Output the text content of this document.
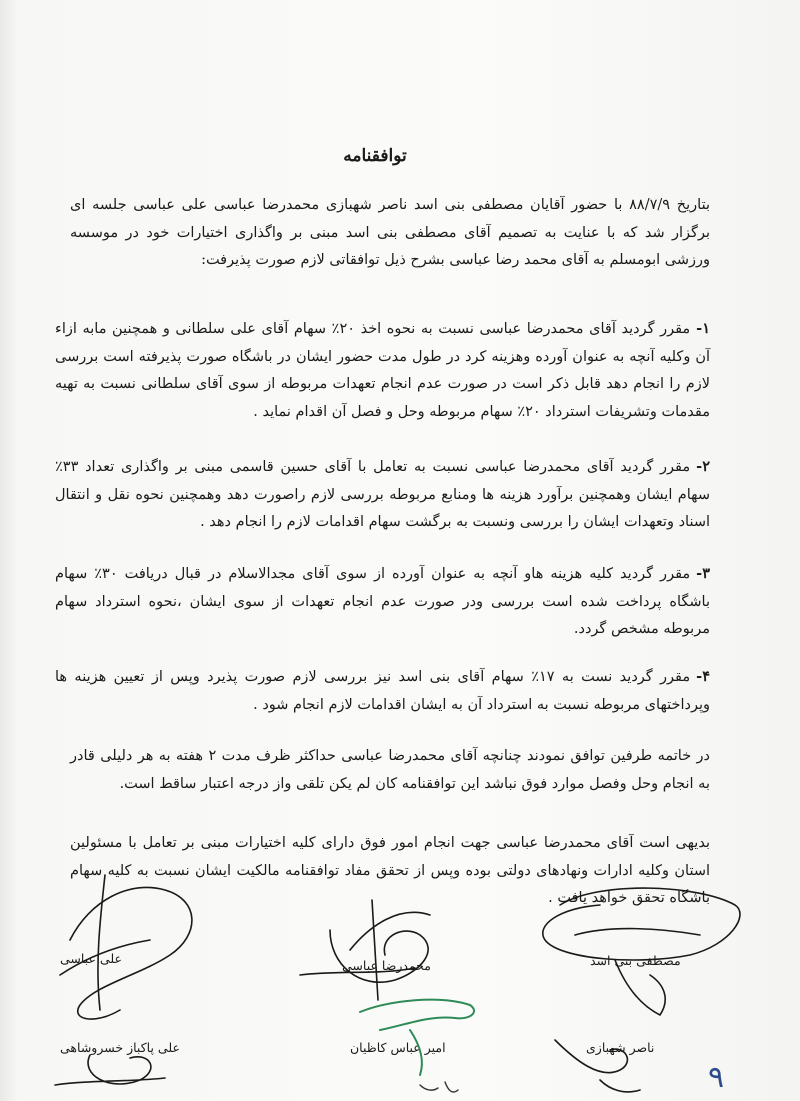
توافقنامه
بتاریخ ۸۸/۷/۹ با حضور آقایان مصطفی بنی اسد ناصر شهبازی محمدرضا عباسی علی عباسی جلسه ای برگزار شد که با عنایت به تصمیم آقای مصطفی بنی اسد مبنی بر واگذاری اختیارات خود در موسسه ورزشی ابومسلم به آقای محمد رضا عباسی بشرح ذیل توافقاتی لازم صورت پذیرفت:
۱-مقرر گردید آقای محمدرضا عباسی نسبت به نحوه اخذ ۲۰٪ سهام آقای علی سلطانی و همچنین مابه ازاء آن وکلیه آنچه به عنوان آورده وهزینه کرد در طول مدت حضور ایشان در باشگاه صورت پذیرفته است بررسی لازم را انجام دهد قابل ذکر است در صورت عدم انجام تعهدات مربوطه از سوی آقای سلطانی نسبت به تهیه مقدمات وتشریفات استرداد ۲۰٪ سهام مربوطه وحل و فصل آن اقدام نماید .
۲-مقرر گردید آقای محمدرضا عباسی نسبت به تعامل با آقای حسین قاسمی مبنی بر واگذاری تعداد ۳۳٪ سهام ایشان وهمچنین برآورد هزینه ها ومنابع مربوطه بررسی لازم راصورت دهد وهمچنین نحوه نقل و انتقال اسناد وتعهدات ایشان را بررسی ونسبت به برگشت سهام اقدامات لازم را انجام دهد .
۳-مقرر گردید کلیه هزینه هاو آنچه به عنوان آورده از سوی آقای مجدالاسلام در قبال دریافت ۳۰٪ سهام باشگاه پرداخت شده است بررسی ودر صورت عدم انجام تعهدات از سوی ایشان ،نحوه استرداد سهام مربوطه مشخص گردد.
۴-مقرر گردید نست به ۱۷٪ سهام آقای بنی اسد نیز بررسی لازم صورت پذیرد وپس از تعیین هزینه ها وپرداختهای مربوطه نسبت به استرداد آن به ایشان اقدامات لازم انجام شود .
در خاتمه طرفین توافق نمودند چنانچه آقای محمدرضا عباسی حداکثر ظرف مدت ۲ هفته به هر دلیلی قادر به انجام وحل وفصل موارد فوق نباشد این توافقنامه کان لم یکن تلقی واز درجه اعتبار ساقط است.
بدیهی است آقای محمدرضا عباسی جهت انجام امور فوق دارای کلیه اختیارات مبنی بر تعامل با مسئولین استان وکلیه ادارات ونهادهای دولتی بوده وپس از تحقق مفاد توافقنامه مالکیت ایشان نسبت به کلیه سهام باشگاه تحقق خواهد یافت .
مصطفی بنی اسد
محمدرضا عباسی
علی عباسی
ناصر شهبازی
امیر عباس کاظیان
علی پاکباز خسروشاهی
۹
